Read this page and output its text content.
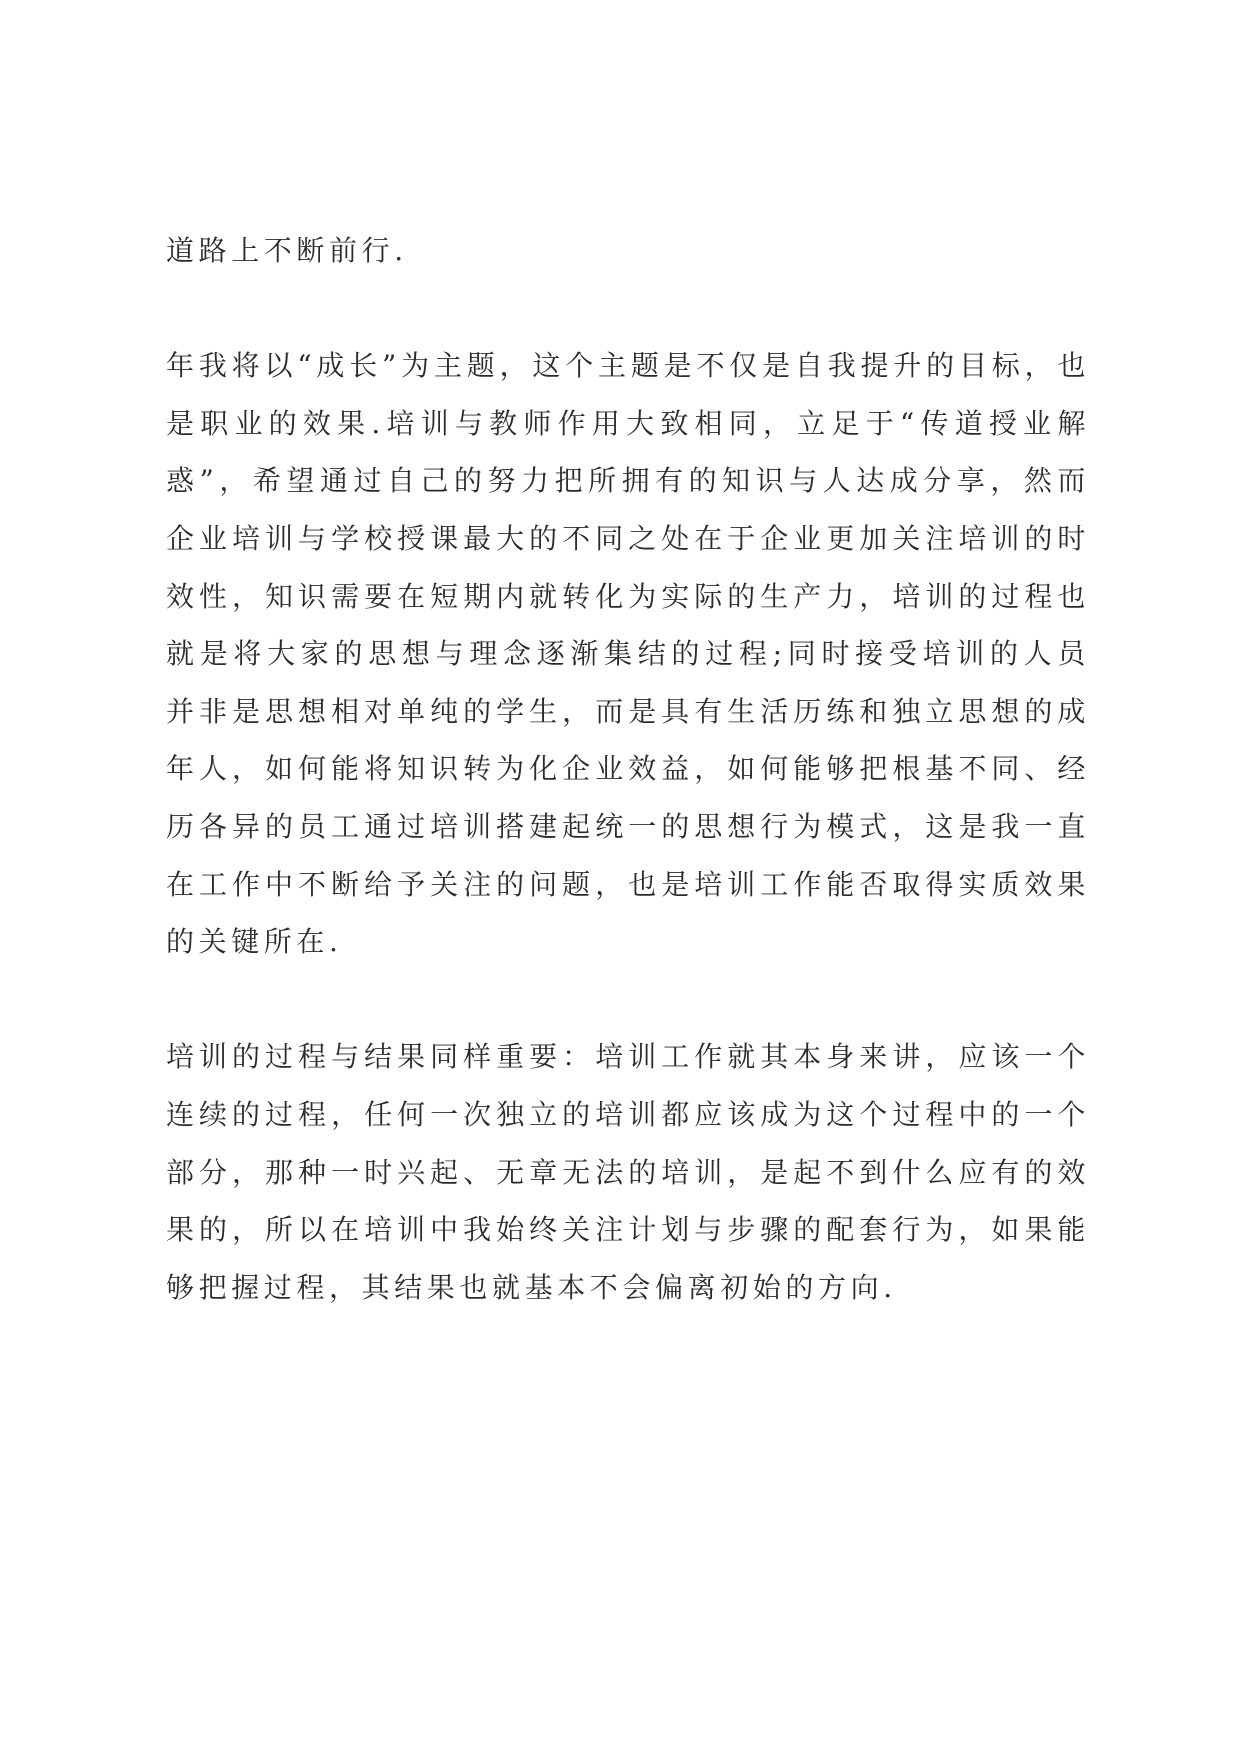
道路上不断前行.

年我将以“成长”为主题，这个主题是不仅是自我提升的目标，也是职业的效果.培训与教师作用大致相同，立足于“传道授业解惑”，希望通过自己的努力把所拥有的知识与人达成分享，然而企业培训与学校授课最大的不同之处在于企业更加关注培训的时效性，知识需要在短期内就转化为实际的生产力，培训的过程也就是将大家的思想与理念逐渐集结的过程;同时接受培训的人员并非是思想相对单纯的学生，而是具有生活历练和独立思想的成年人，如何能将知识转为化企业效益，如何能够把根基不同、经历各异的员工通过培训搭建起统一的思想行为模式，这是我一直在工作中不断给予关注的问题，也是培训工作能否取得实质效果的关键所在.

培训的过程与结果同样重要：培训工作就其本身来讲，应该一个连续的过程，任何一次独立的培训都应该成为这个过程中的一个部分，那种一时兴起、无章无法的培训，是起不到什么应有的效果的，所以在培训中我始终关注计划与步骤的配套行为，如果能够把握过程，其结果也就基本不会偏离初始的方向.
